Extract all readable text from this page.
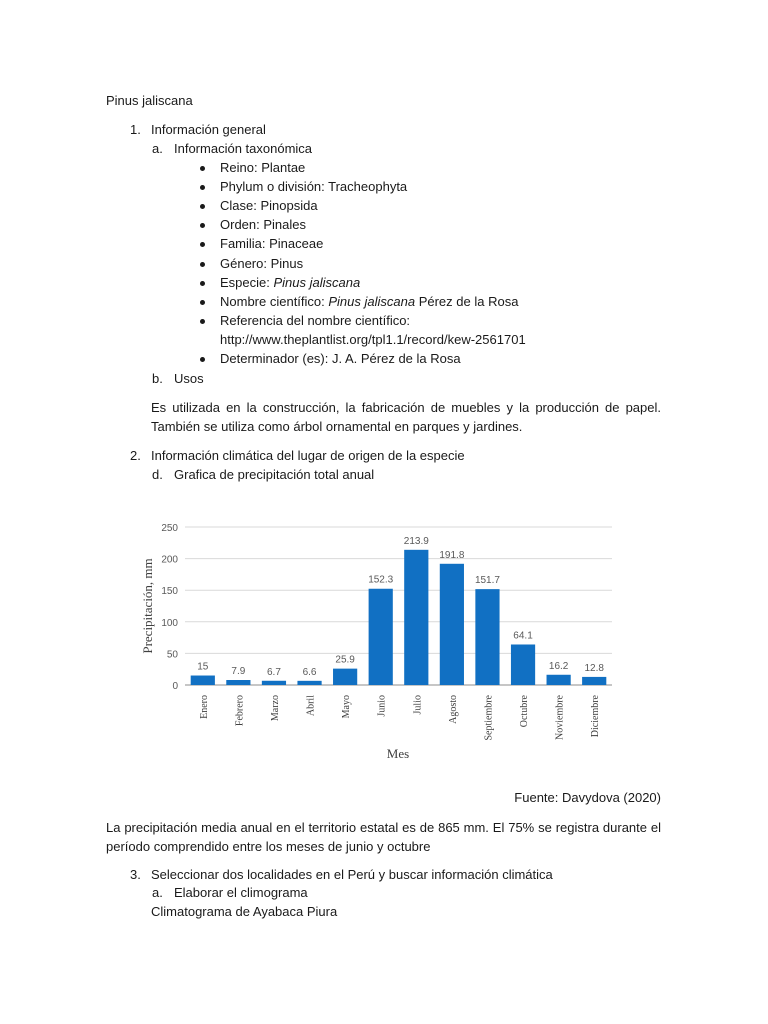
Pinus jaliscana
1. Información general
a. Información taxonómica
Reino: Plantae
Phylum o división: Tracheophyta
Clase: Pinopsida
Orden: Pinales
Familia: Pinaceae
Género: Pinus
Especie: Pinus jaliscana
Nombre científico: Pinus jaliscana Pérez de la Rosa
Referencia del nombre científico:
http://www.theplantlist.org/tpl1.1/record/kew-2561701
Determinador (es): J. A. Pérez de la Rosa
b. Usos
Es utilizada en la construcción, la fabricación de muebles y la producción de papel. También se utiliza como árbol ornamental en parques y jardines.
2. Información climática del lugar de origen de la especie
d. Grafica de precipitación total anual
0
50
100
150
200
250
15
Enero
7.9
Febrero
6.7
Marzo
6.6
Abril
25.9
Mayo
152.3
Junio
213.9
Julio
191.8
Agosto
151.7
Septiembre
64.1
Octubre
16.2
Noviembre
12.8
Diciembre
Mes
Precipitación, mm
Fuente: Davydova (2020)
La precipitación media anual en el territorio estatal es de 865 mm. El 75% se registra durante el período comprendido entre los meses de junio y octubre
3. Seleccionar dos localidades en el Perú y buscar información climática
a. Elaborar el climograma
Climatograma de Ayabaca Piura
